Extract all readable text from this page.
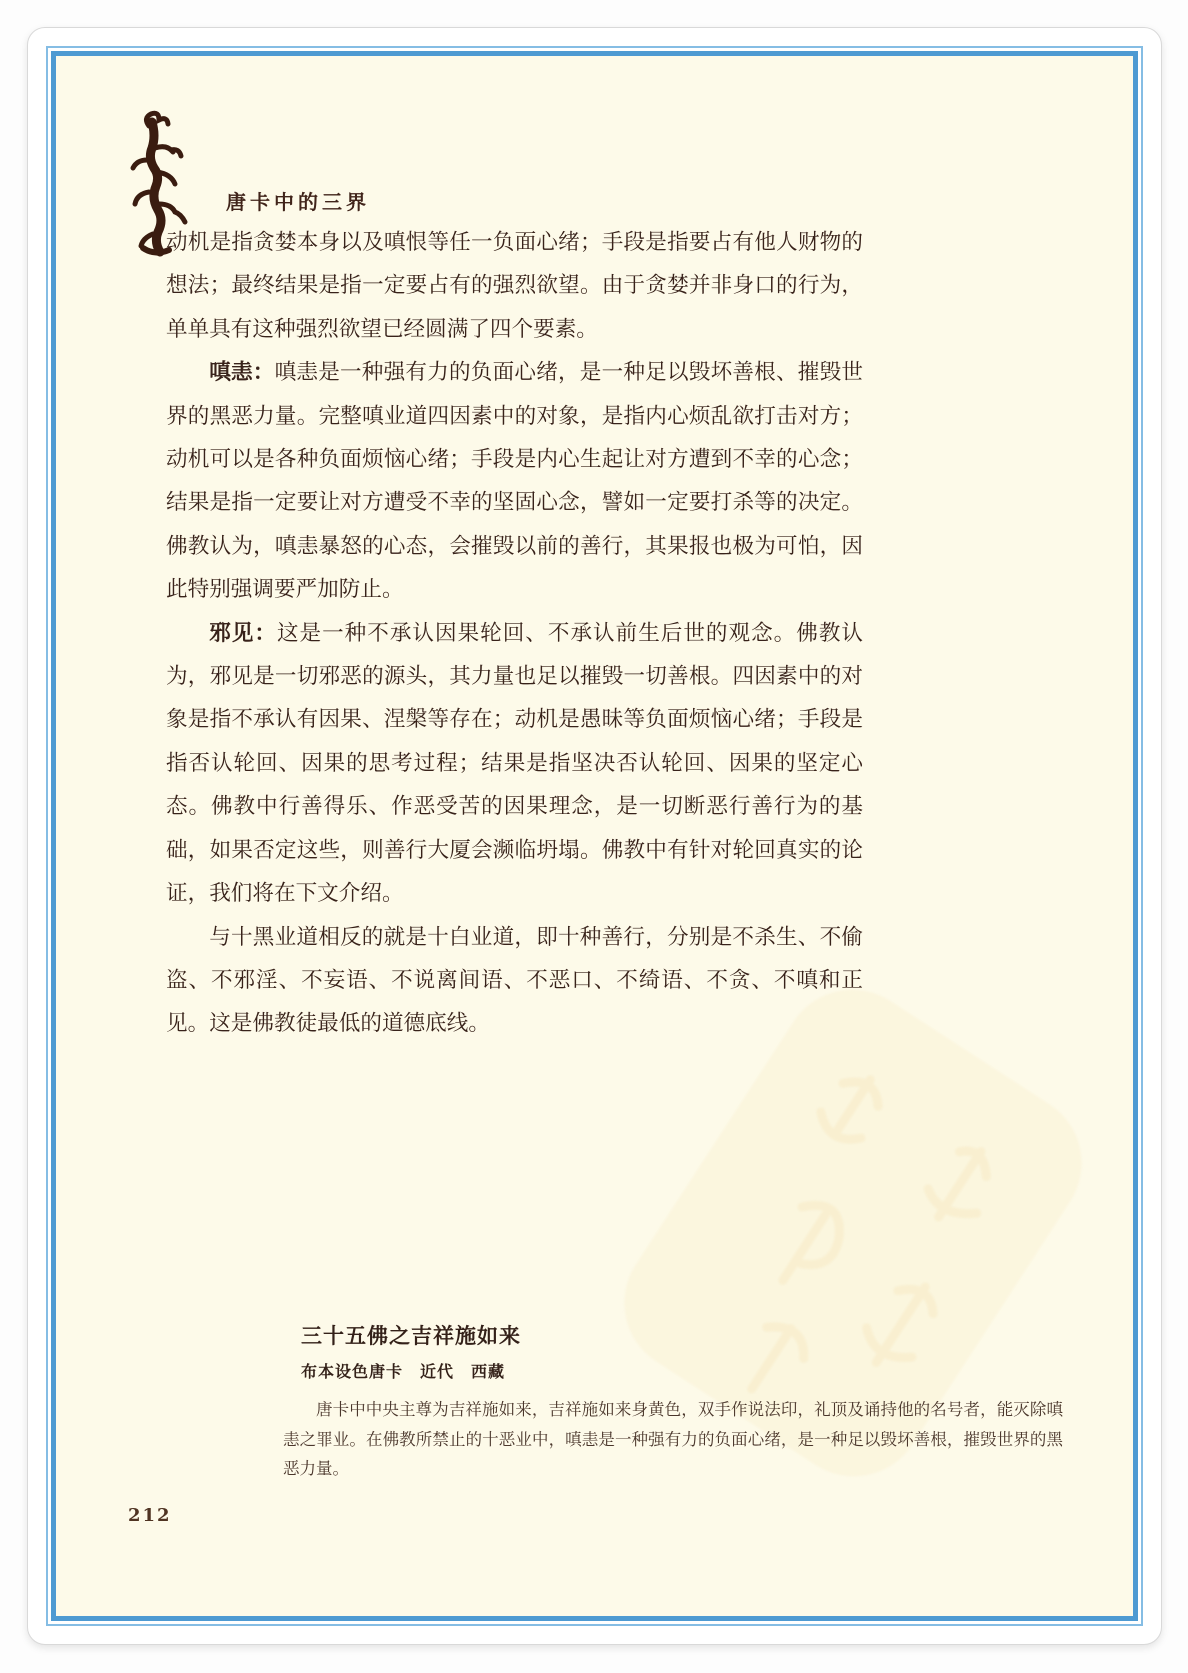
唐卡中的三界

动机是指贪婪本身以及嗔恨等任一负面心绪；手段是指要占有他人财物的想法；最终结果是指一定要占有的强烈欲望。由于贪婪并非身口的行为，单单具有这种强烈欲望已经圆满了四个要素。

嗔恚：嗔恚是一种强有力的负面心绪，是一种足以毁坏善根、摧毁世界的黑恶力量。完整嗔业道四因素中的对象，是指内心烦乱欲打击对方；动机可以是各种负面烦恼心绪；手段是内心生起让对方遭到不幸的心念；结果是指一定要让对方遭受不幸的坚固心念，譬如一定要打杀等的决定。佛教认为，嗔恚暴怒的心态，会摧毁以前的善行，其果报也极为可怕，因此特别强调要严加防止。

邪见：这是一种不承认因果轮回、不承认前生后世的观念。佛教认为，邪见是一切邪恶的源头，其力量也足以摧毁一切善根。四因素中的对象是指不承认有因果、涅槃等存在；动机是愚昧等负面烦恼心绪；手段是指否认轮回、因果的思考过程；结果是指坚决否认轮回、因果的坚定心态。佛教中行善得乐、作恶受苦的因果理念，是一切断恶行善行为的基础，如果否定这些，则善行大厦会濒临坍塌。佛教中有针对轮回真实的论证，我们将在下文介绍。

与十黑业道相反的就是十白业道，即十种善行，分别是不杀生、不偷盗、不邪淫、不妄语、不说离间语、不恶口、不绮语、不贪、不嗔和正见。这是佛教徒最低的道德底线。

三十五佛之吉祥施如来
布本设色唐卡　近代　西藏
唐卡中中央主尊为吉祥施如来，吉祥施如来身黄色，双手作说法印，礼顶及诵持他的名号者，能灭除嗔恚之罪业。在佛教所禁止的十恶业中，嗔恚是一种强有力的负面心绪，是一种足以毁坏善根，摧毁世界的黑恶力量。
212
